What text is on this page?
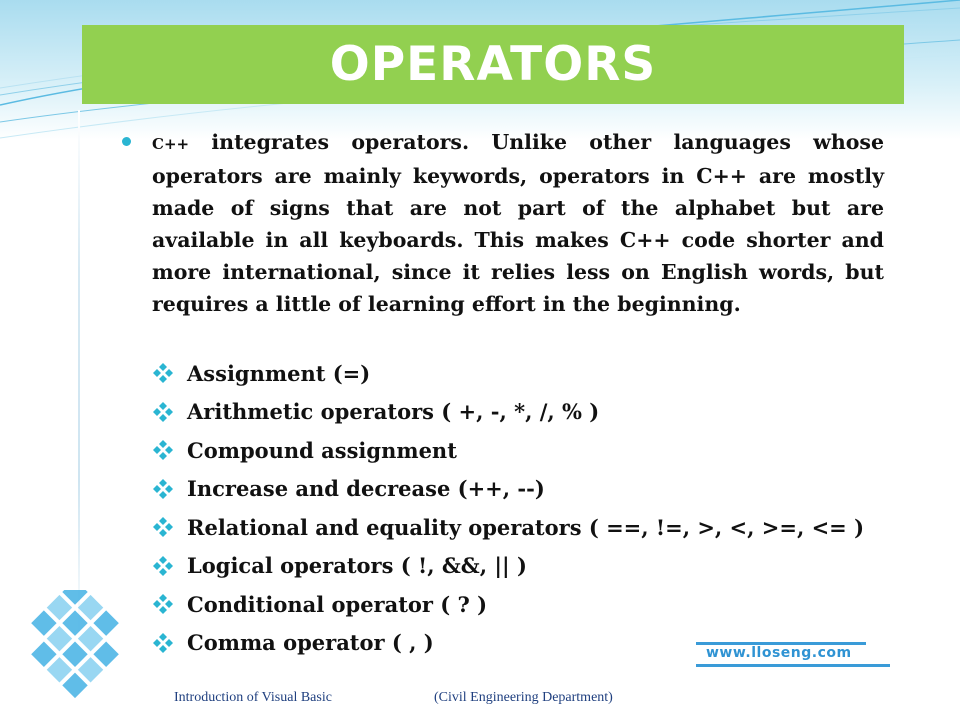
OPERATORS
C++ integrates operators. Unlike other languages whose operators are mainly keywords, operators in C++ are mostly made of signs that are not part of the alphabet but are available in all keyboards. This makes C++ code shorter and more international, since it relies less on English words, but requires a little of learning effort in the beginning.
Assignment (=)
Arithmetic operators ( +, -, *, /, % )
Compound assignment
Increase and decrease (++, --)
Relational and equality operators ( ==, !=, >, <, >=, <= )
Logical operators ( !, &&, || )
Conditional operator ( ? )
Comma operator ( , )	www.lloseng.com
Introduction of Visual Basic	(Civil Engineering Department)
